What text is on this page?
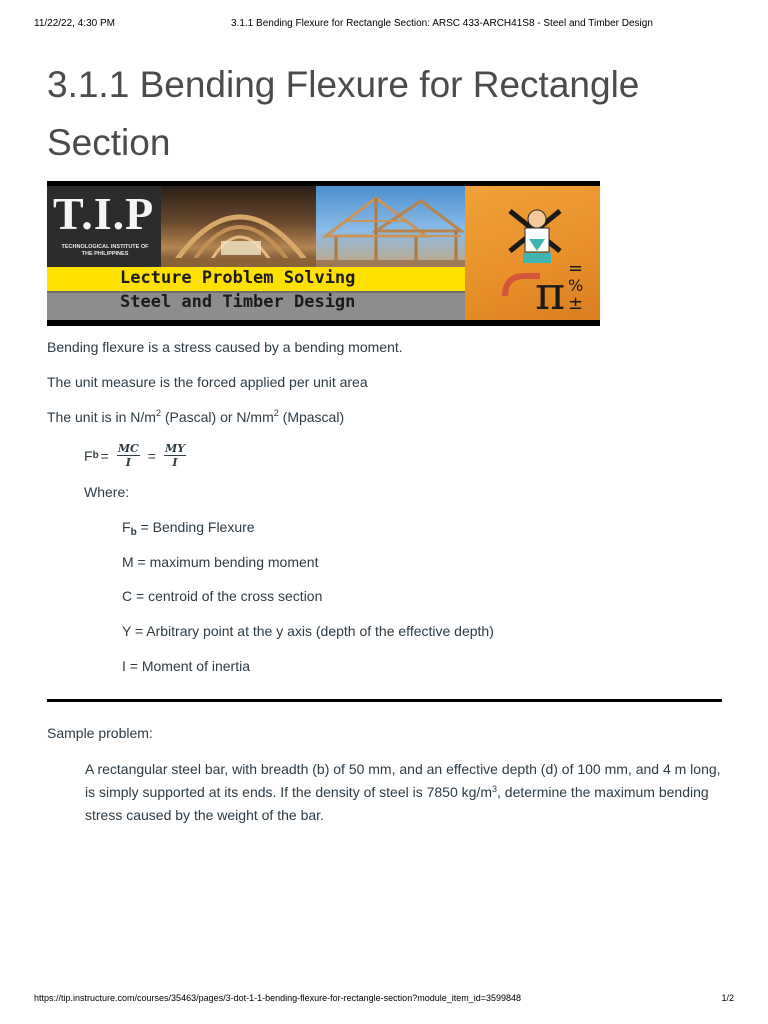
11/22/22, 4:30 PM	3.1.1 Bending Flexure for Rectangle Section: ARSC 433-ARCH41S8 - Steel and Timber Design
3.1.1 Bending Flexure for Rectangle Section
T.I.P
TECHNOLOGICAL INSTITUTE OF THE PHILIPPINES
π =
%
±
Lecture Problem Solving
Steel and Timber Design

Bending flexure is a stress caused by a bending moment.

The unit measure is the forced applied per unit area

The unit is in $N/m^2$ (Pascal) or $N/mm^2$ (Mpascal)

F $b = \frac{MC}{I} = \frac{MY}{I}$

Where:

$F_b$ = Bending Flexure

M = maximum bending moment

C = centroid of the cross section

Y = Arbitrary point at the y axis (depth of the effective depth)

I = Moment of inertia

Sample problem:

A rectangular steel bar, with breadth (b) of 50 mm, and an effective depth (d) of 100 mm, and 4 m long, is simply supported at its ends. If the density of steel is 7850 $kg/m^3$, determine the maximum bending stress caused by the weight of the bar.

https://tip.instructure.com/courses/35463/pages/3-dot-1-1-bending-flexure-for-rectangle-section?module_item_id=3599848	1/2
